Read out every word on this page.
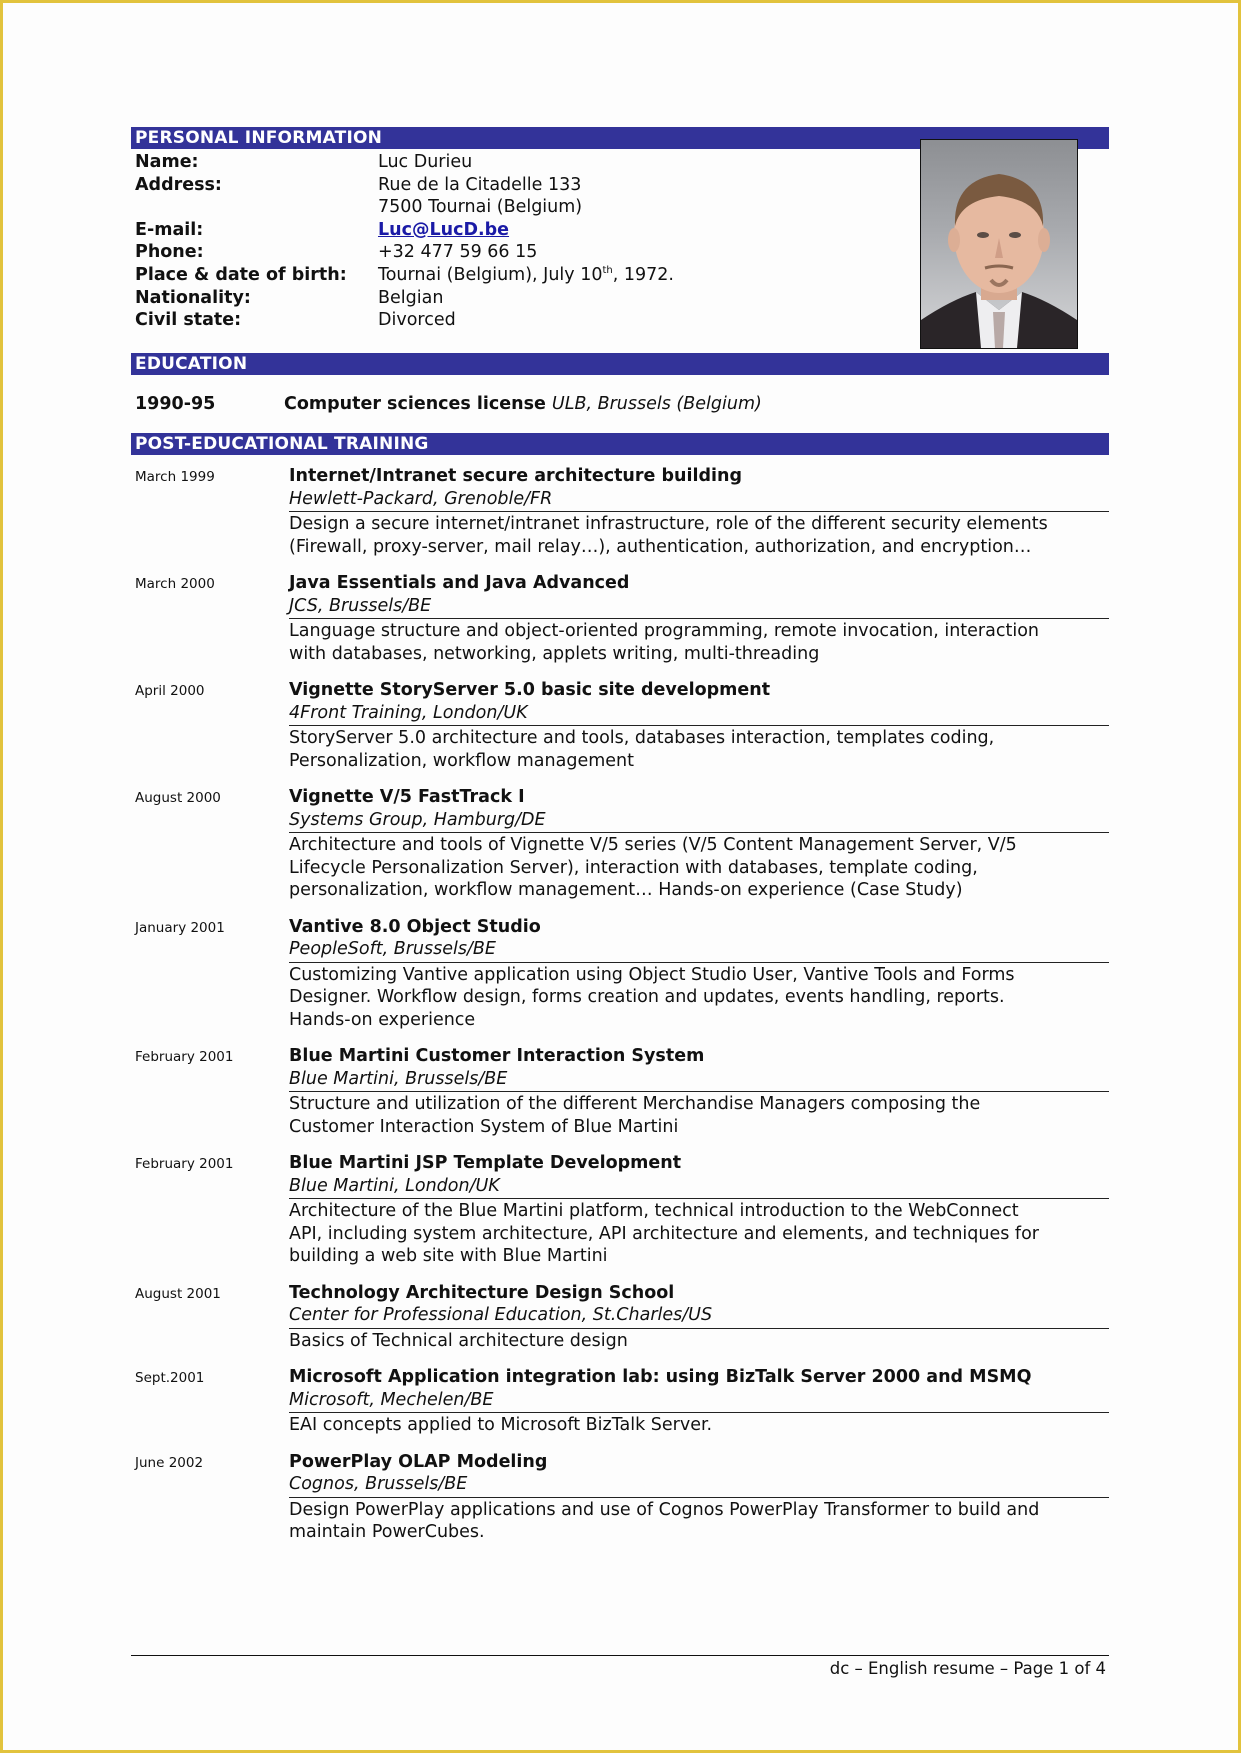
PERSONAL INFORMATION
Name:	Luc Durieu
Address:	Rue de la Citadelle 133
7500 Tournai (Belgium)
E-mail:	Luc@LucD.be
Phone:	+32 477 59 66 15
Place & date of birth:	Tournai (Belgium), July 10th, 1972.
Nationality:	Belgian
Civil state:	Divorced
EDUCATION
1990-95	Computer sciences license ULB, Brussels (Belgium)
POST-EDUCATIONAL TRAINING
March 1999	Internet/Intranet secure architecture building
Hewlett-Packard, Grenoble/FR
Design a secure internet/intranet infrastructure, role of the different security elements
(Firewall, proxy-server, mail relay…), authentication, authorization, and encryption…
March 2000	Java Essentials and Java Advanced
JCS, Brussels/BE
Language structure and object-oriented programming, remote invocation, interaction
with databases, networking, applets writing, multi-threading
April 2000	Vignette StoryServer 5.0 basic site development
4Front Training, London/UK
StoryServer 5.0 architecture and tools, databases interaction, templates coding,
Personalization, workflow management
August 2000	Vignette V/5 FastTrack I
Systems Group, Hamburg/DE
Architecture and tools of Vignette V/5 series (V/5 Content Management Server, V/5
Lifecycle Personalization Server), interaction with databases, template coding,
personalization, workflow management… Hands-on experience (Case Study)
January 2001	Vantive 8.0 Object Studio
PeopleSoft, Brussels/BE
Customizing Vantive application using Object Studio User, Vantive Tools and Forms
Designer. Workflow design, forms creation and updates, events handling, reports.
Hands-on experience
February 2001	Blue Martini Customer Interaction System
Blue Martini, Brussels/BE
Structure and utilization of the different Merchandise Managers composing the
Customer Interaction System of Blue Martini
February 2001	Blue Martini JSP Template Development
Blue Martini, London/UK
Architecture of the Blue Martini platform, technical introduction to the WebConnect
API, including system architecture, API architecture and elements, and techniques for
building a web site with Blue Martini
August 2001	Technology Architecture Design School
Center for Professional Education, St.Charles/US
Basics of Technical architecture design
Sept.2001	Microsoft Application integration lab: using BizTalk Server 2000 and MSMQ
Microsoft, Mechelen/BE
EAI concepts applied to Microsoft BizTalk Server.
June 2002	PowerPlay OLAP Modeling
Cognos, Brussels/BE
Design PowerPlay applications and use of Cognos PowerPlay Transformer to build and
maintain PowerCubes.
dc – English resume – Page 1 of 4
